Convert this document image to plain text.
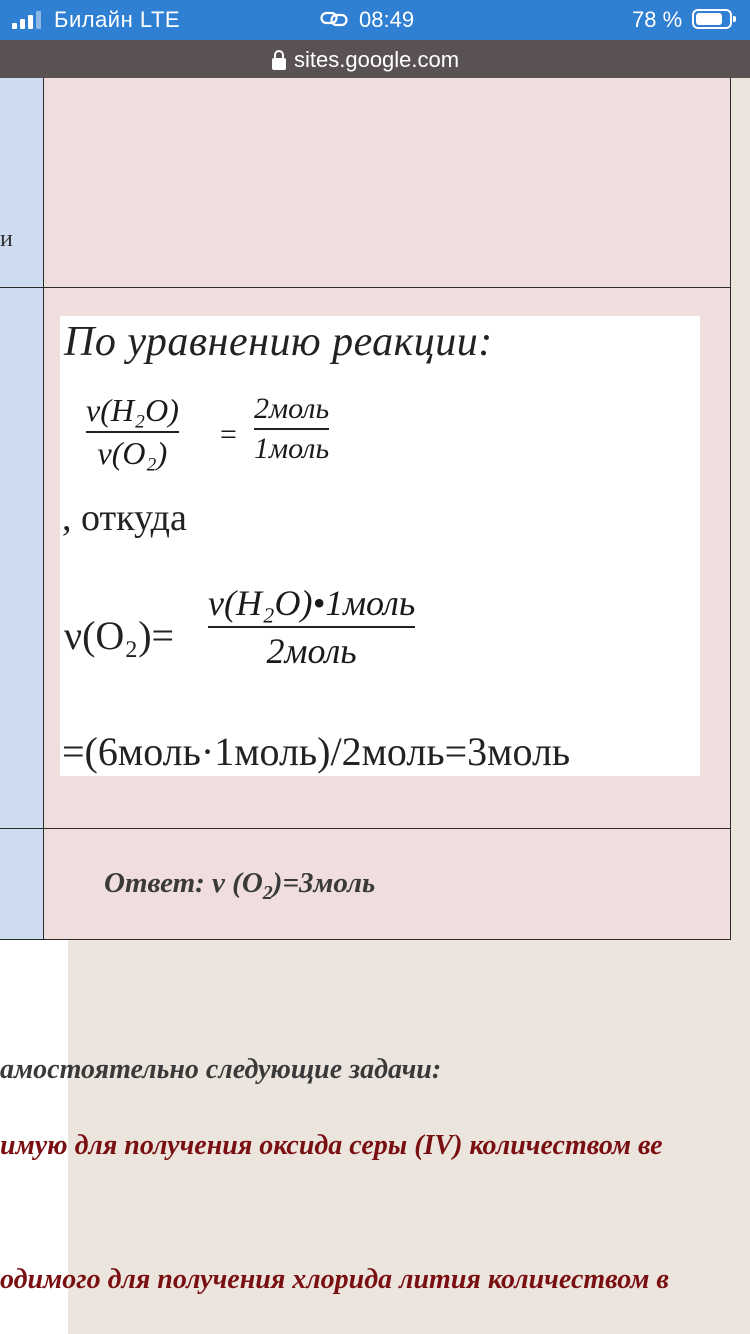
Билайн LTE	08:49	78 %
sites.google.com
и
По уравнению реакции:
ν(H₂O)
ν(O₂)	=
2моль
1моль
, откуда
ν(O₂)=
ν(H₂O)•1моль
2моль
=(6моль·1моль)/2моль=3моль
Ответ: ν $(O_2)=3моль$
амостоятельно следующие задачи:
имую для получения оксида серы (IV) количеством ве
одимого для получения хлорида лития количеством в
